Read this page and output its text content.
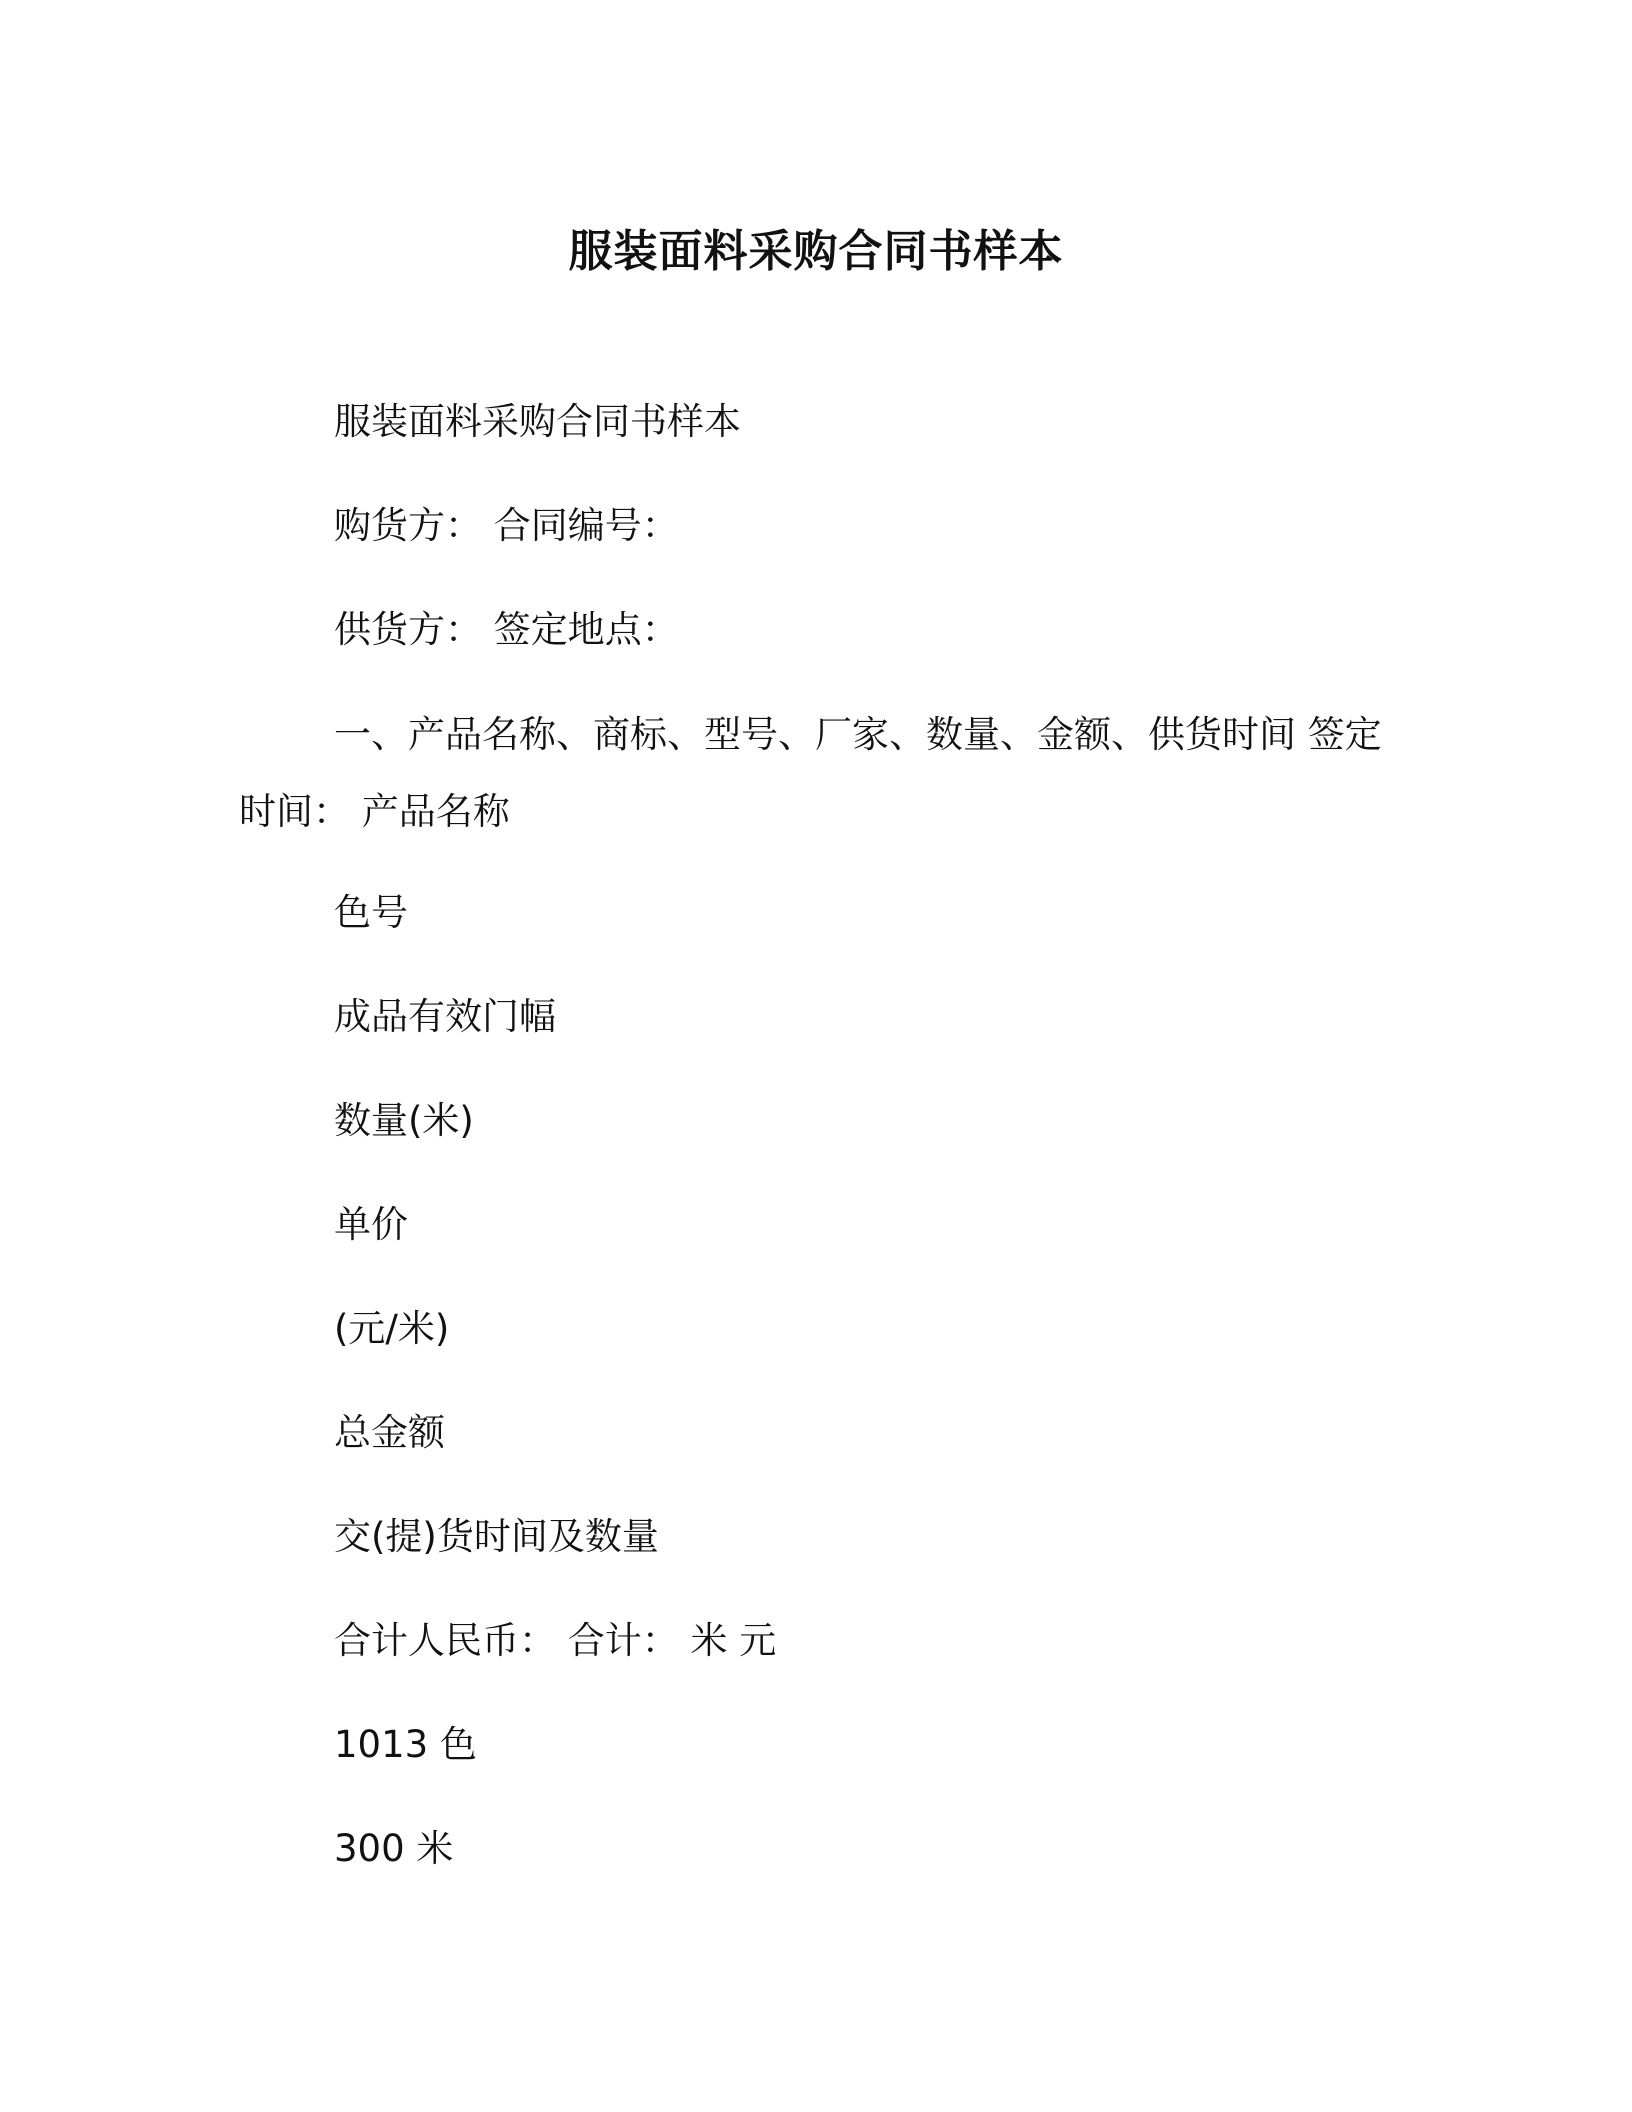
服装面料采购合同书样本
服装面料采购合同书样本
购货方： 合同编号：
供货方： 签定地点：
一、产品名称、商标、型号、厂家、数量、金额、供货时间 签定
时间： 产品名称
色号
成品有效门幅
数量(米)
单价
(元/米)
总金额
交(提)货时间及数量
合计人民币： 合计： 米 元
1013 色
300 米
